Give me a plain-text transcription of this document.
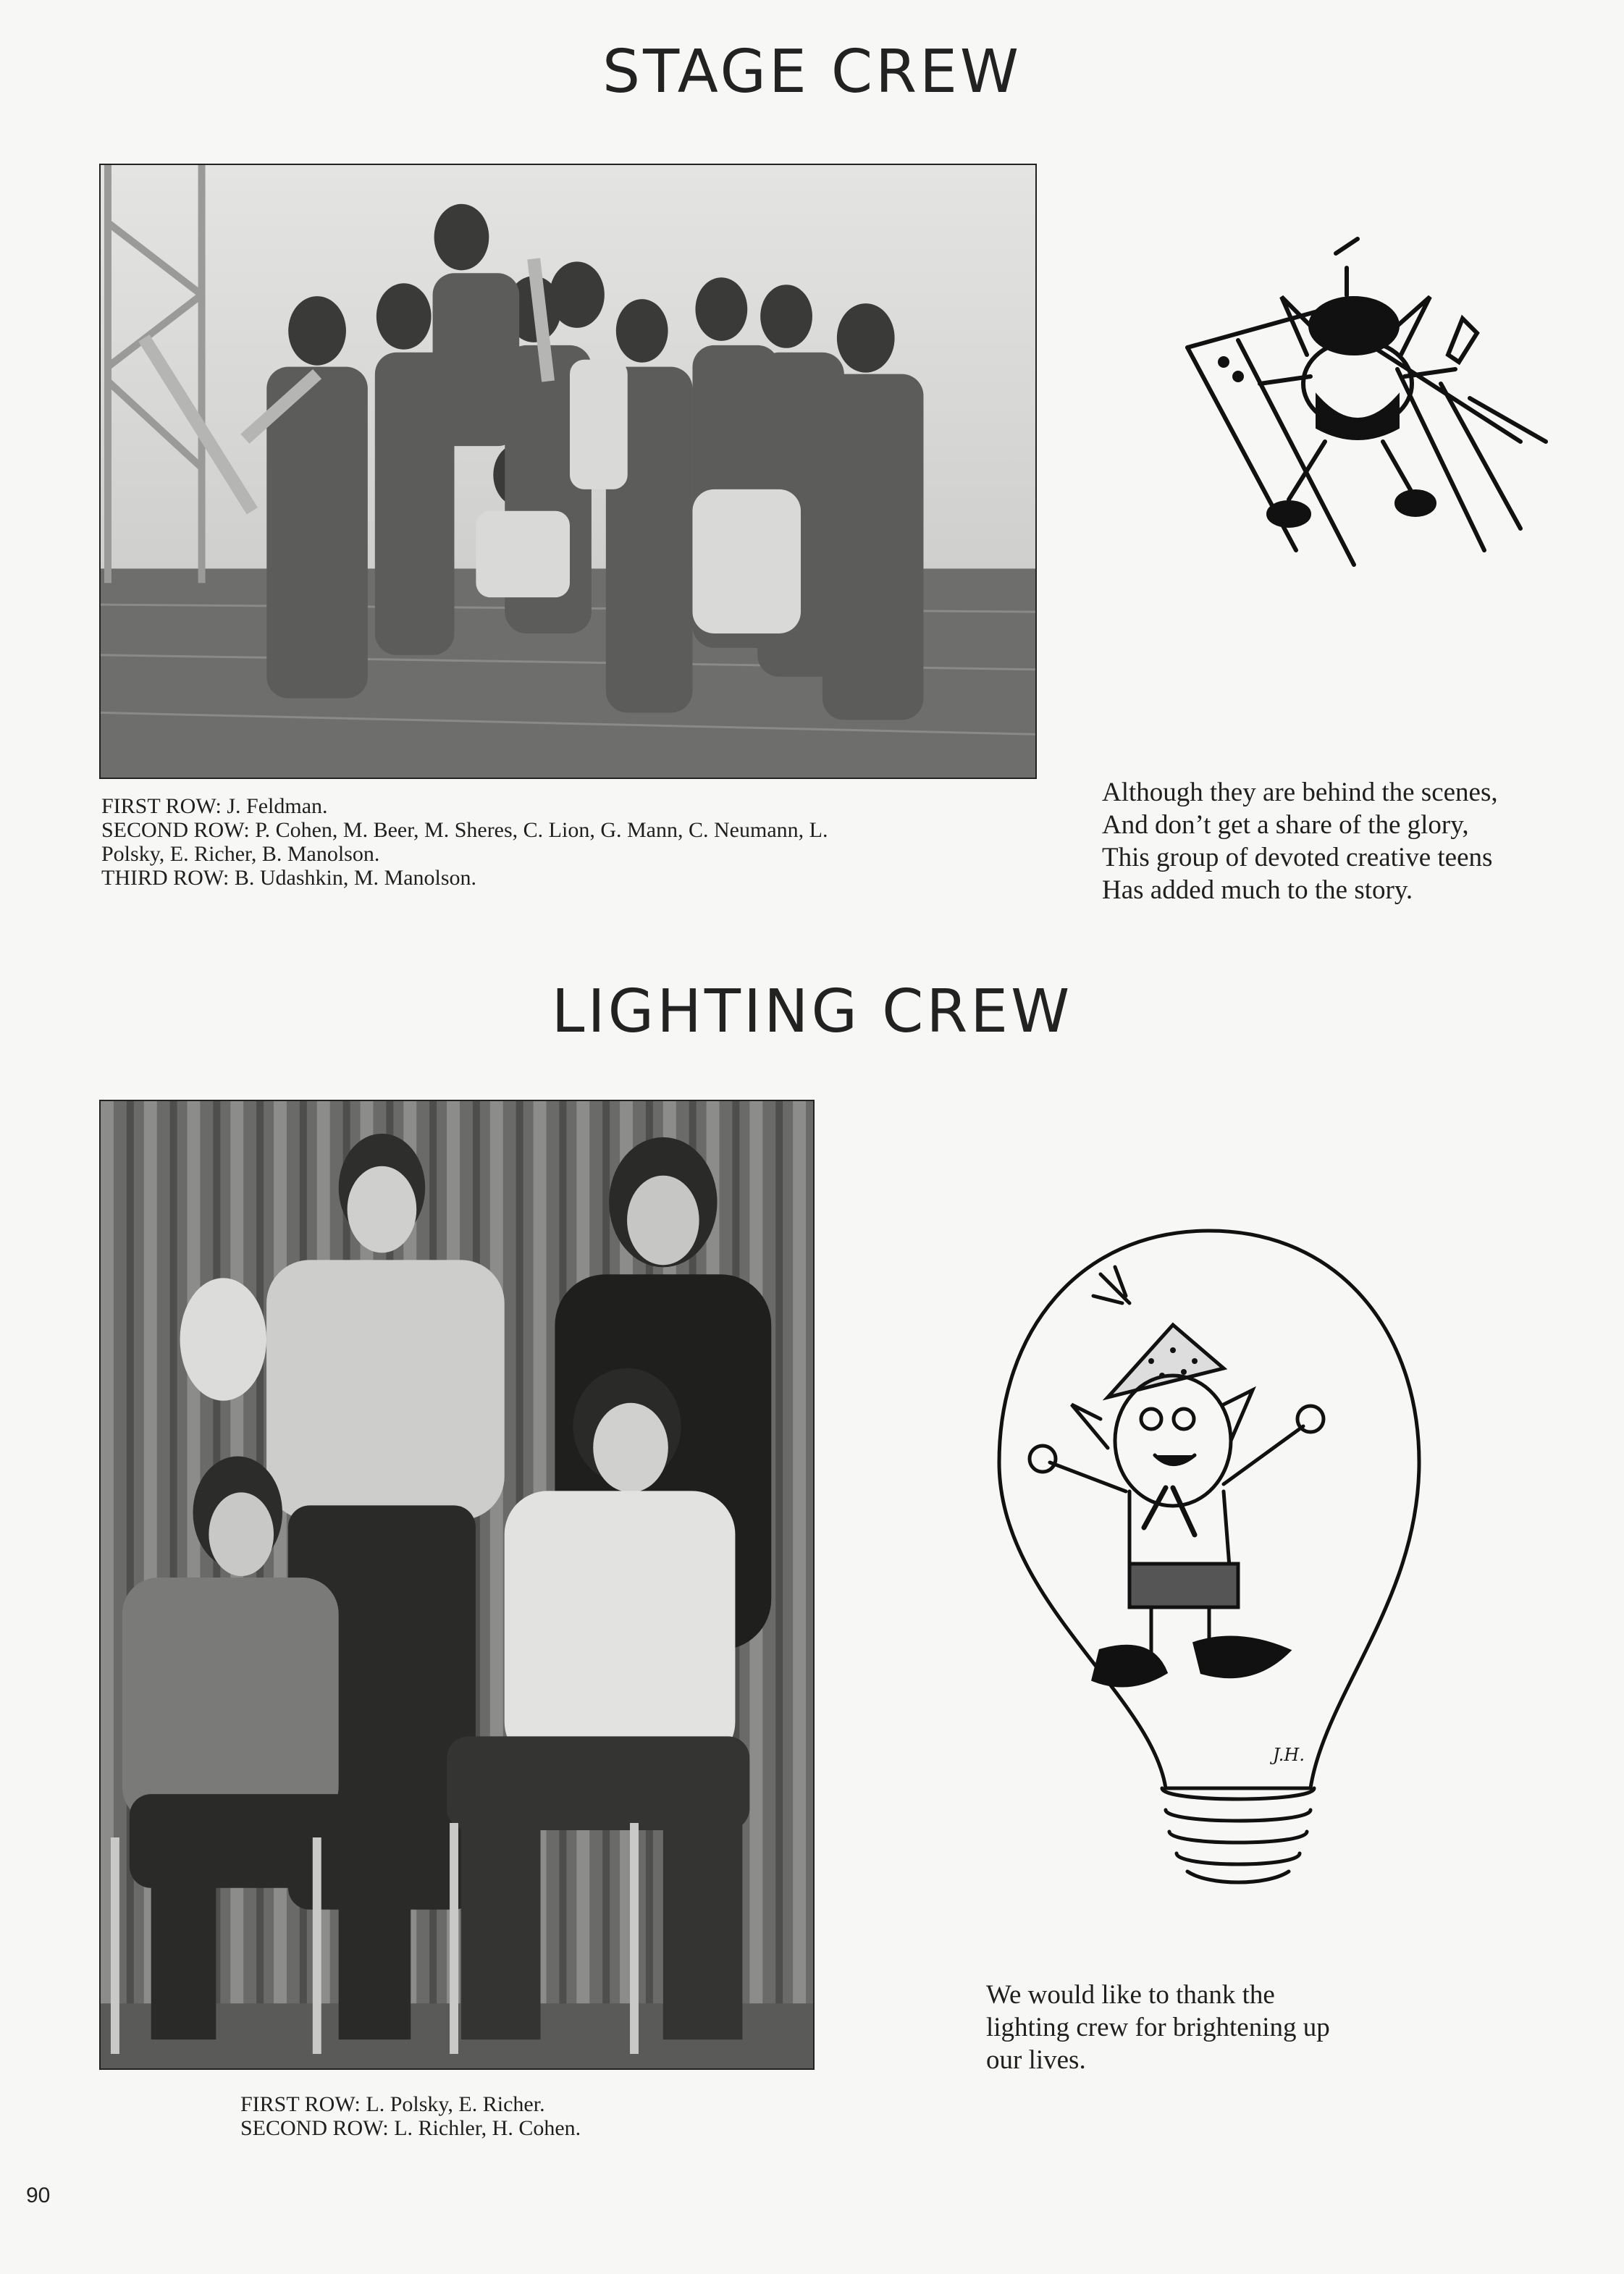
STAGE CREW
FIRST ROW: J. Feldman.
SECOND ROW: P. Cohen, M. Beer, M. Sheres, C. Lion, G. Mann, C. Neumann, L.
Polsky, E. Richer, B. Manolson.
THIRD ROW: B. Udashkin, M. Manolson.
Although they are behind the scenes,
And don’t get a share of the glory,
This group of devoted creative teens
Has added much to the story.
LIGHTING CREW
FIRST ROW: L. Polsky, E. Richer.
SECOND ROW: L. Richler, H. Cohen.
J.H.
We would like to thank the
lighting crew for brightening up
our lives.
90
